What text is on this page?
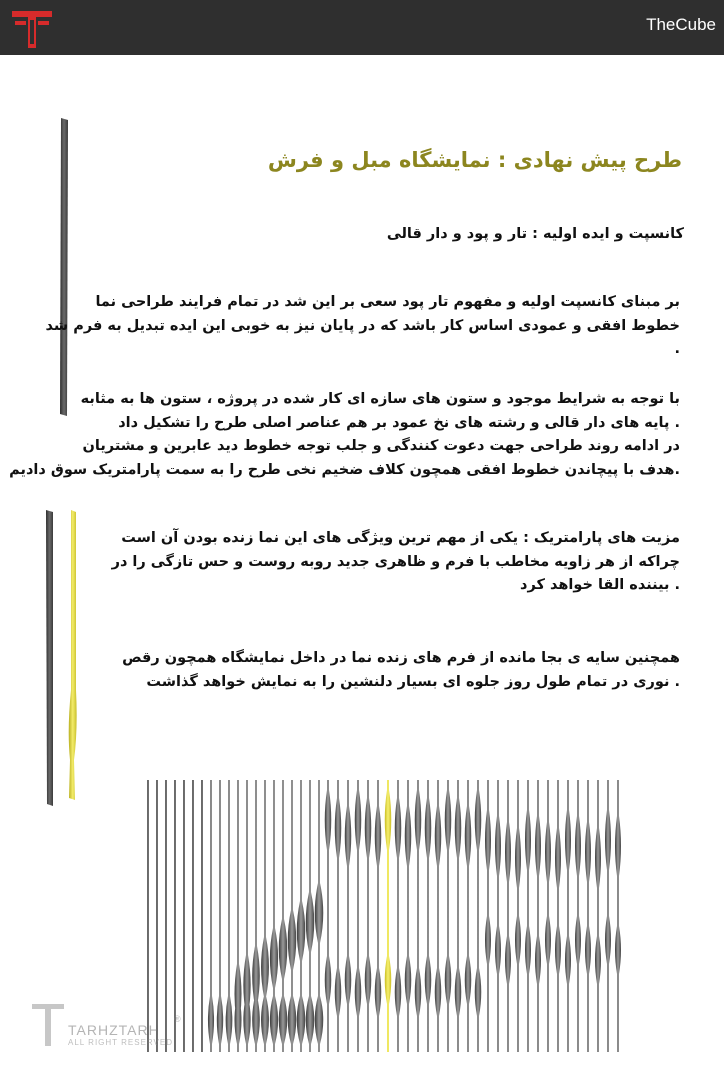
TheCube
طرح پیش نهادی : نمایشگاه مبل و فرش
کانسپت و ایده اولیه : تار و پود و دار قالی

بر مبنای کانسپت اولیه و مفهوم تار پود سعی بر این شد در تمام فرایند طراحی نما
خطوط افقی و عمودی اساس کار باشد که در پایان نیز به خوبی این ایده تبدیل به فرم شد
.

با توجه به شرایط موجود و ستون های سازه ای کار شده در پروژه ، ستون ها به مثابه
. پایه های دار قالی و رشته های نخ عمود بر هم عناصر اصلی طرح را تشکیل داد
در ادامه روند طراحی جهت دعوت کنندگی و جلب توجه خطوط دید عابرین و مشتریان
.هدف با پیچاندن خطوط افقی همچون کلاف ضخیم نخی طرح را به سمت پارامتریک سوق دادیم

مزیت های پارامتریک : یکی از مهم ترین ویژگی های این نما زنده بودن آن است
چراکه از هر زاویه مخاطب با فرم و ظاهری جدید روبه روست و حس تازگی را در
. بیننده القا خواهد کرد

همچنین سایه ی بجا مانده از فرم های زنده نما در داخل نمایشگاه همچون رقص
. نوری در تمام طول روز جلوه ای بسیار دلنشین را به نمایش خواهد گذاشت

TARHZTARH
ALL RIGHT RESERVED
®
